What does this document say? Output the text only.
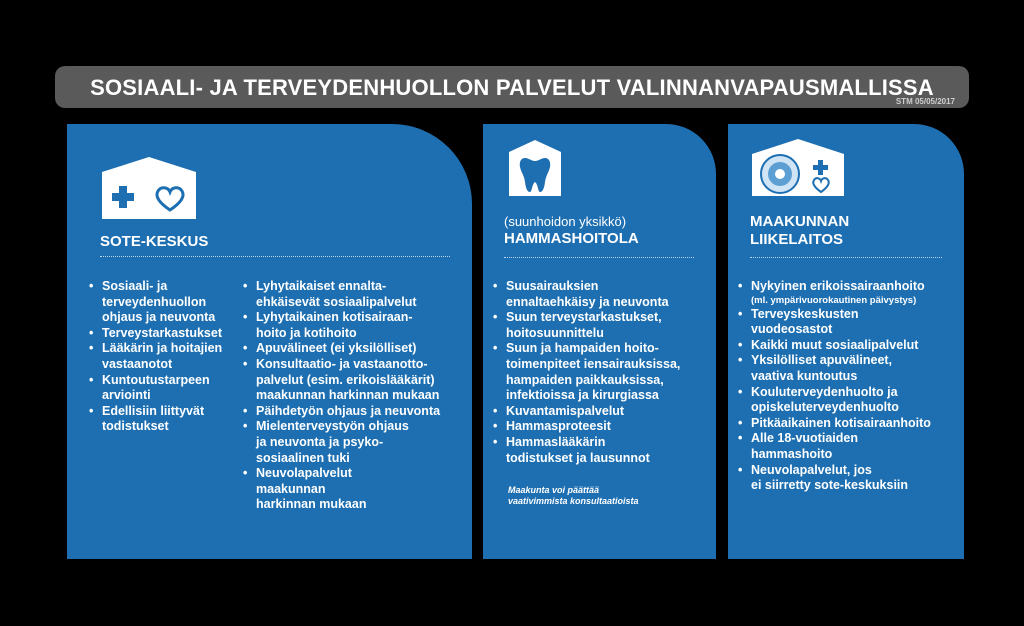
SOSIAALI- JA TERVEYDENHUOLLON PALVELUT VALINNANVAPAUSMALLISSA
STM 05/05/2017
SOTE-KESKUS
• Sosiaali- ja
terveydenhuollon
ohjaus ja neuvonta
• Terveystarkastukset
• Lääkärin ja hoitajien
vastaanotot
• Kuntoutustarpeen
arviointi
• Edellisiin liittyvät
todistukset
• Lyhytaikaiset ennalta-
ehkäisevät sosiaalipalvelut
• Lyhytaikainen kotisairaan-
hoito ja kotihoito
• Apuvälineet (ei yksilölliset)
• Konsultaatio- ja vastaanotto-
palvelut (esim. erikoislääkärit)
maakunnan harkinnan mukaan
• Päihdetyön ohjaus ja neuvonta
• Mielenterveystyön ohjaus
ja neuvonta ja psyko-
sosiaalinen tuki
• Neuvolapalvelut
maakunnan
harkinnan mukaan
(suunhoidon yksikkö)
HAMMASHOITOLA
• Suusairauksien
ennaltaehkäisy ja neuvonta
• Suun terveystarkastukset,
hoitosuunnittelu
• Suun ja hampaiden hoito-
toimenpiteet iensairauksissa,
hampaiden paikkauksissa,
infektioissa ja kirurgiassa
• Kuvantamispalvelut
• Hammasproteesit
• Hammaslääkärin
todistukset ja lausunnot
Maakunta voi päättää
vaativimmista konsultaatioista
MAAKUNNAN
LIIKELAITOS
• Nykyinen erikoissairaanhoito
(ml. ympärivuorokautinen päivystys)
• Terveyskeskusten
vuodeosastot
• Kaikki muut sosiaalipalvelut
• Yksilölliset apuvälineet,
vaativa kuntoutus
• Kouluterveydenhuolto ja
opiskeluterveydenhuolto
• Pitkäaikainen kotisairaanhoito
• Alle 18-vuotiaiden
hammashoito
• Neuvolapalvelut, jos
ei siirretty sote-keskuksiin
